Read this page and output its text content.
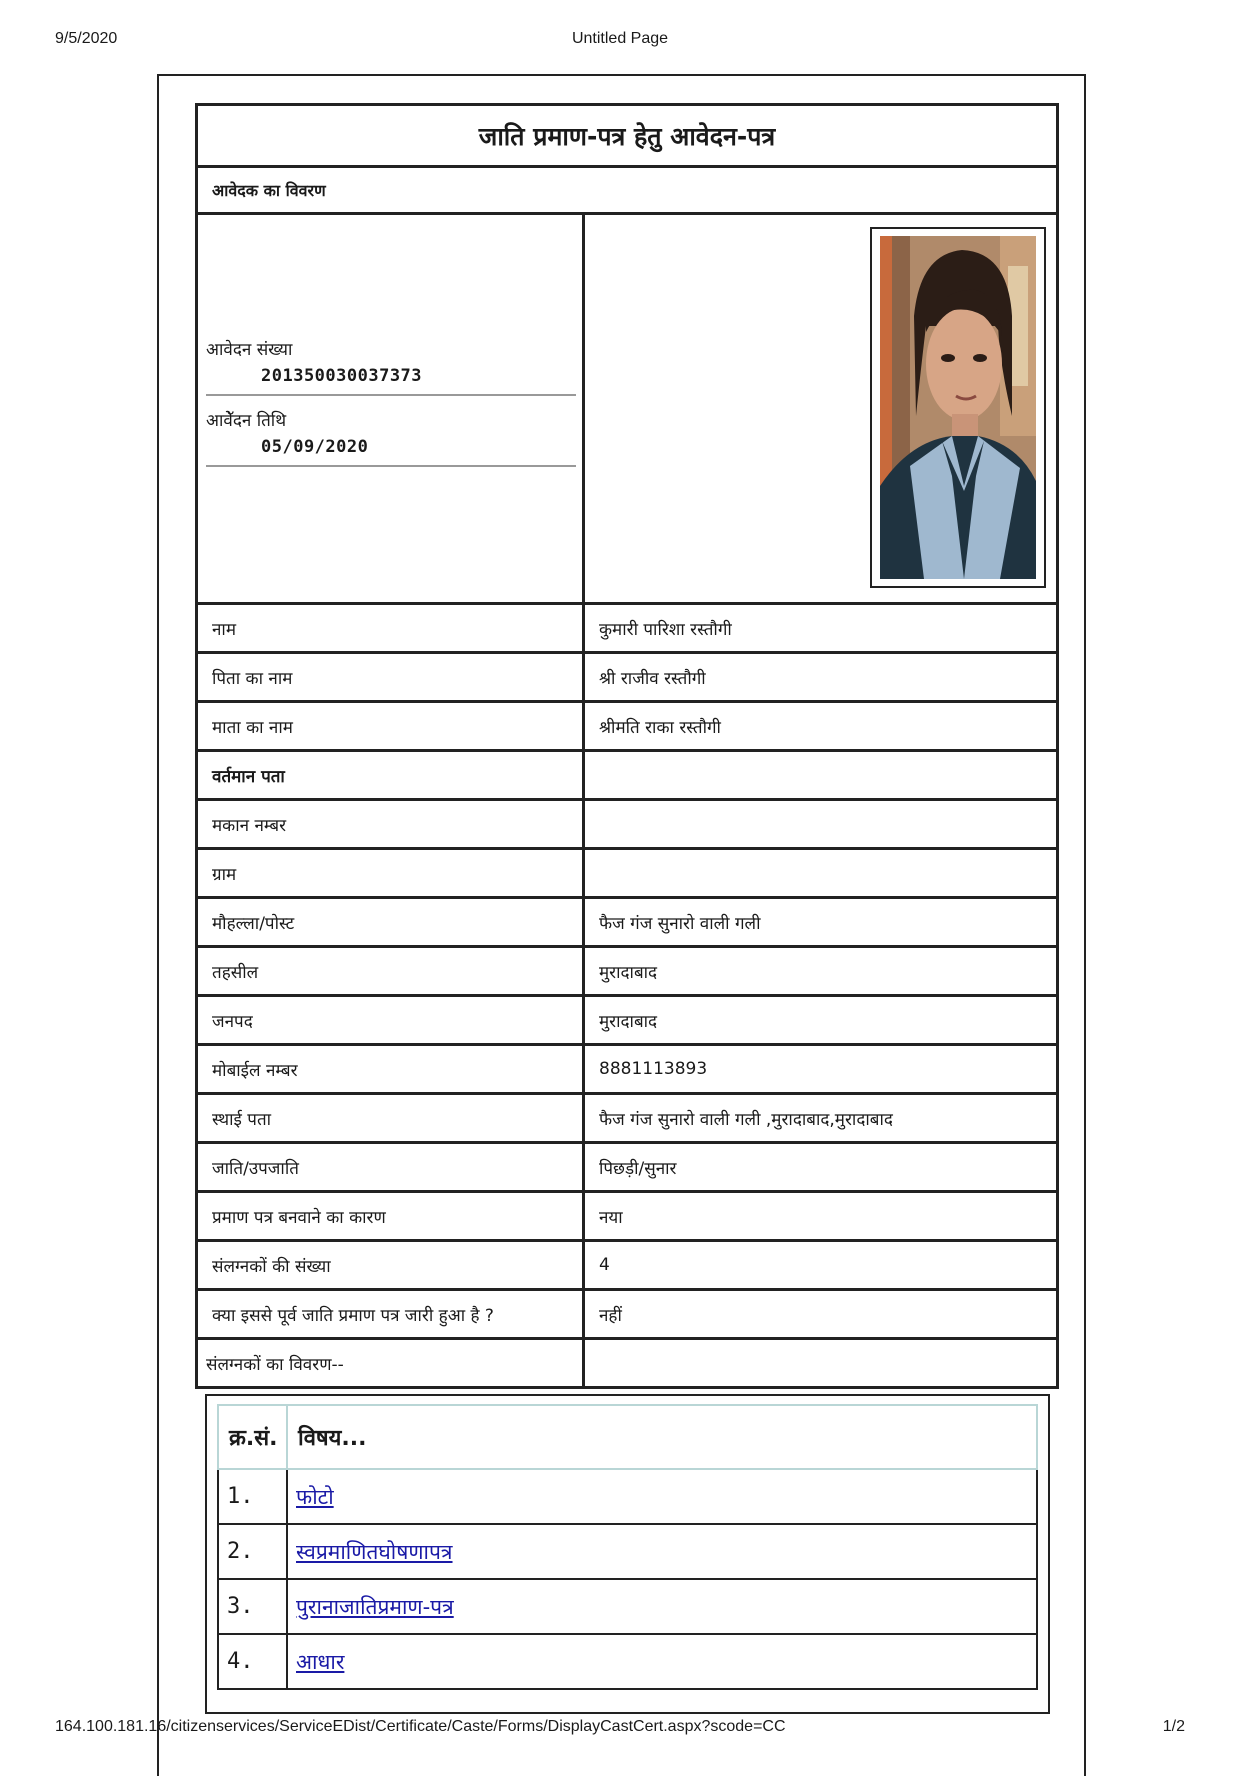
9/5/2020	Untitled Page
जाति प्रमाण-पत्र हेतु आवेदन-पत्र
आवेदक का विवरण
आवेदन संख्या
201350030037373
आवेॅदन तिथि
05/09/2020
नाम	कुमारी पारिशा रस्तौगी
पिता का नाम	श्री राजीव रस्तौगी
माता का नाम	श्रीमति राका रस्तौगी
वर्तमान पता
मकान नम्बर
ग्राम
मौहल्ला/पोस्ट	फैज गंज सुनारो वाली गली
तहसील	मुरादाबाद
जनपद	मुरादाबाद
मोबाईल नम्बर	8881113893
स्थाई पता	फैज गंज सुनारो वाली गली ,मुरादाबाद,मुरादाबाद
जाति/उपजाति	पिछड़ी/सुनार
प्रमाण पत्र बनवाने का कारण	नया
संलग्नकों की संख्या	4
क्या इससे पूर्व जाति प्रमाण पत्र जारी हुआ है ?	नहीं
संलग्नकों का विवरण--
क्र.सं.	विषय...
1.	फोटो
2.	स्वप्रमाणितघोषणापत्र
3.	पुरानाजातिप्रमाण-पत्र
4.	आधार
164.100.181.16/citizenservices/ServiceEDist/Certificate/Caste/Forms/DisplayCastCert.aspx?scode=CC	1/2
